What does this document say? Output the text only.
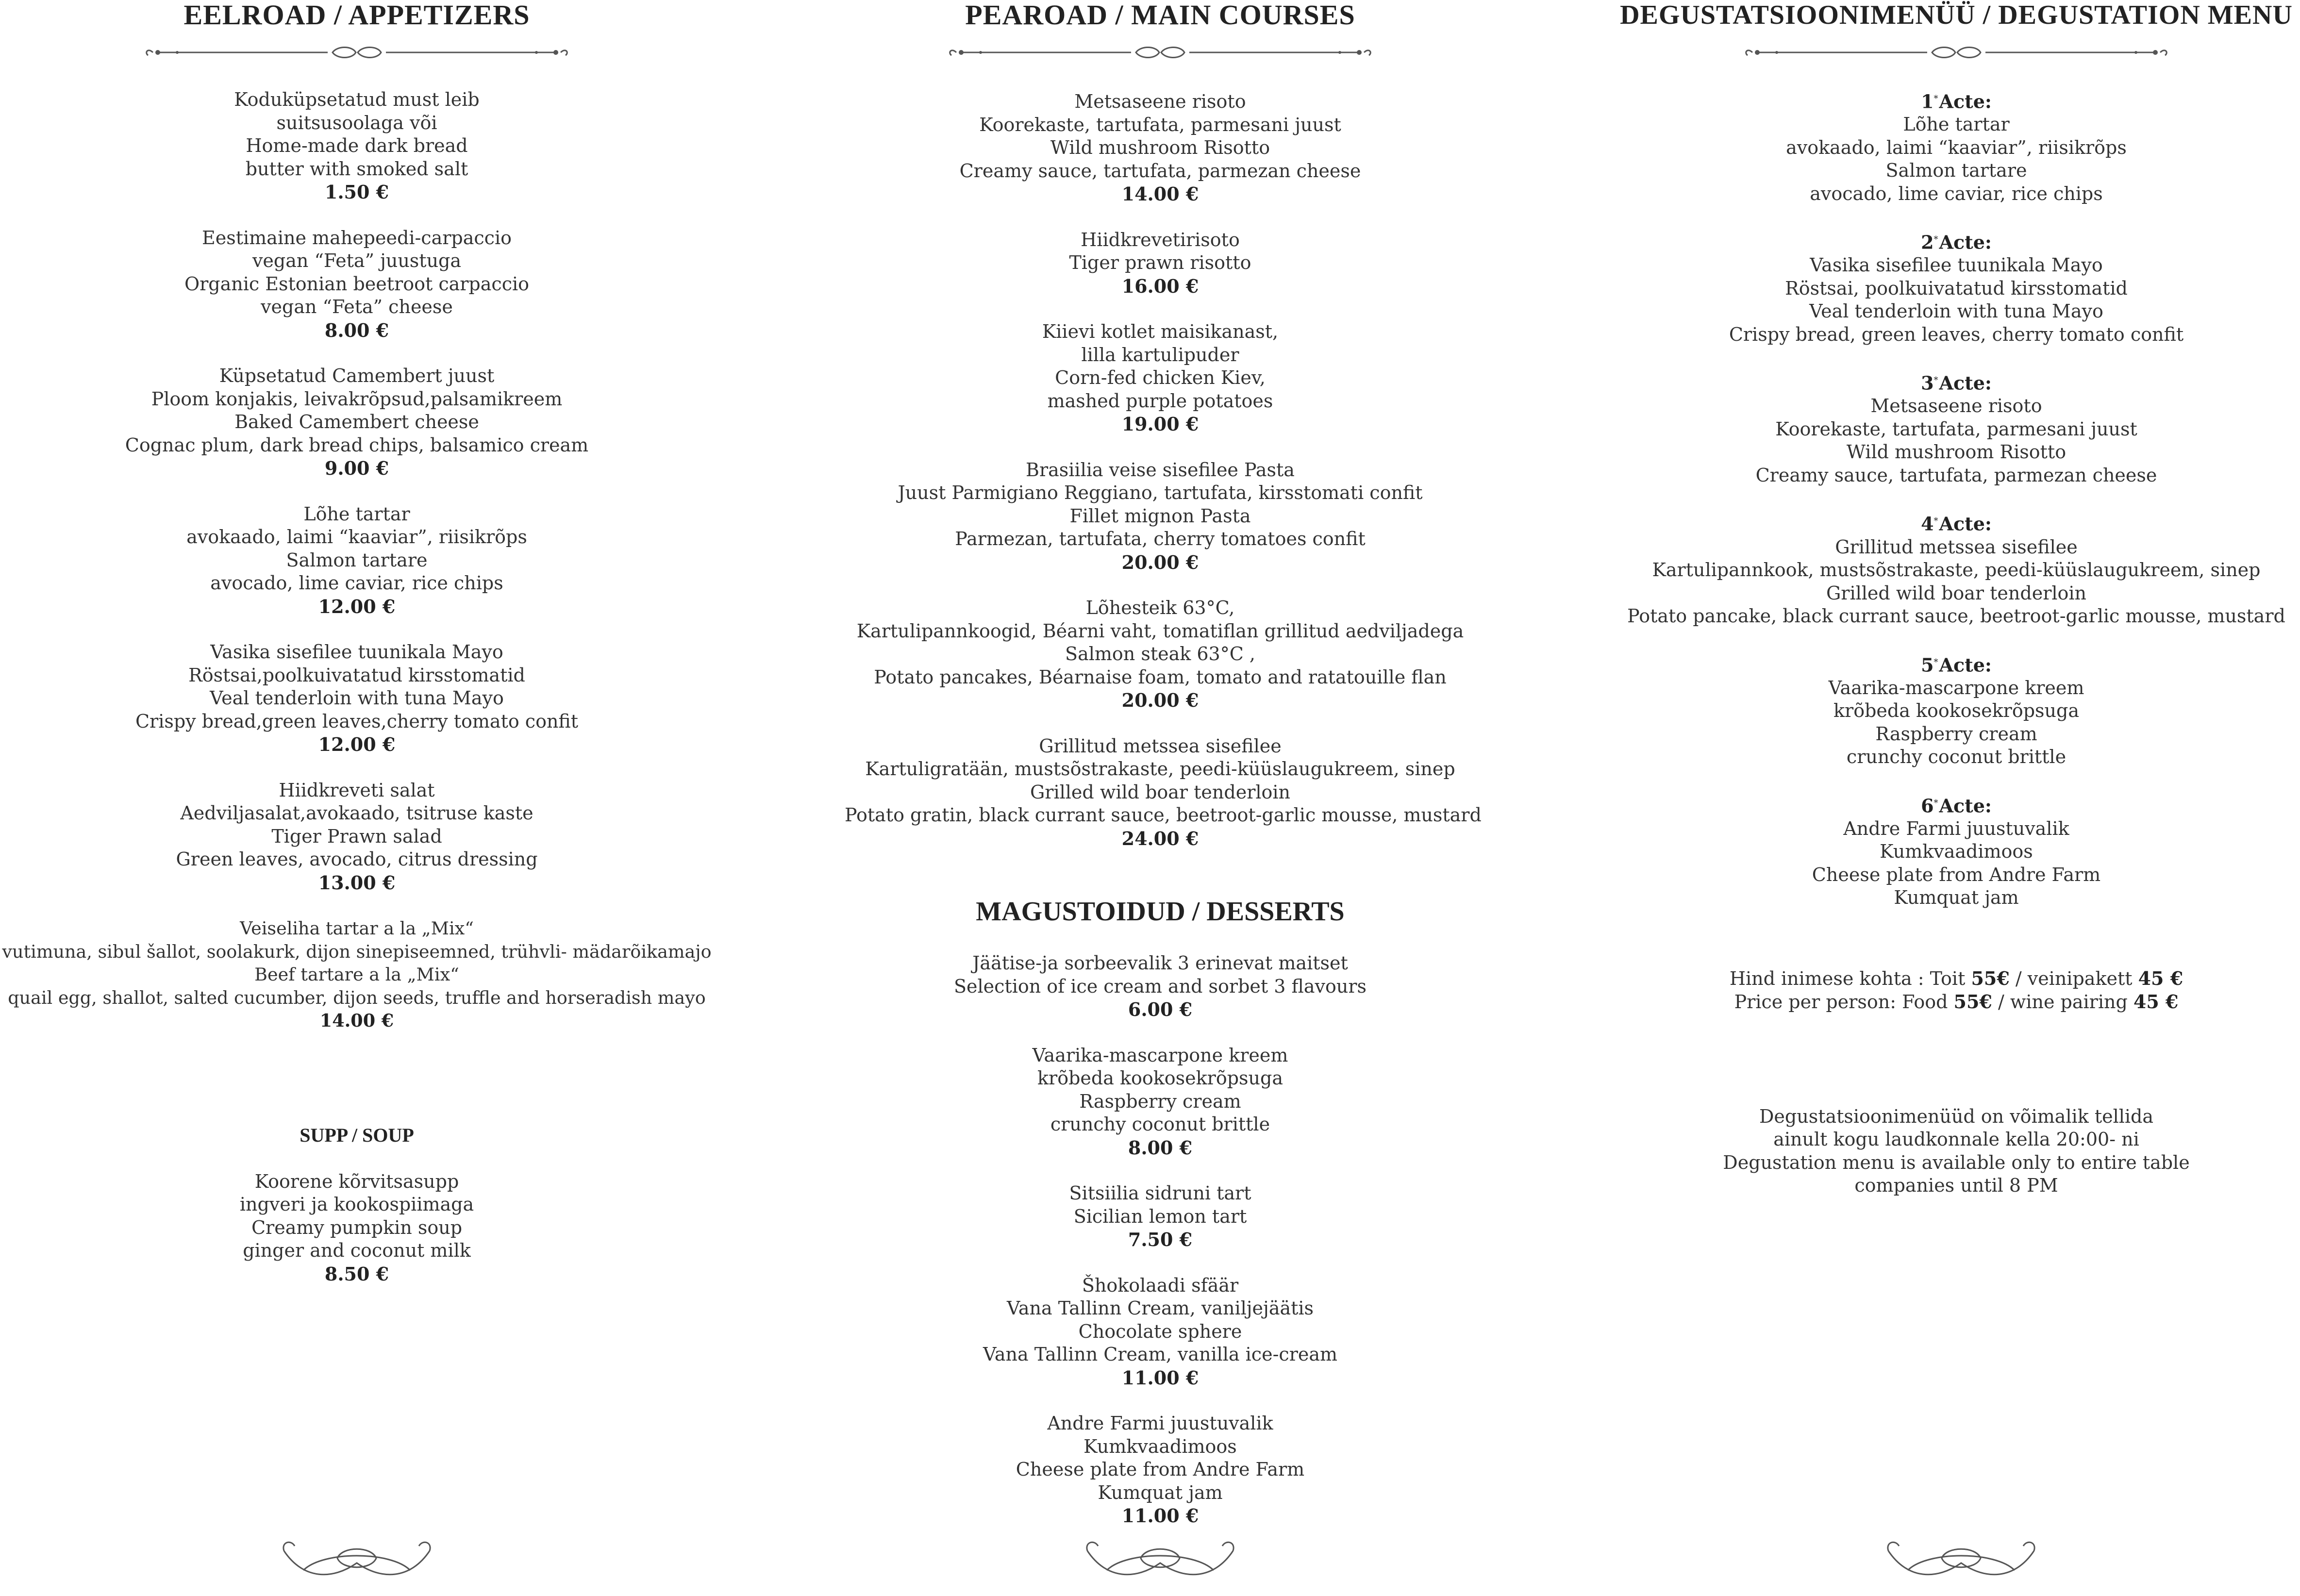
EELROAD / APPETIZERS
Koduküpsetatud must leib
suitsusoolaga või
Home-made dark bread
butter with smoked salt
1.50 €
Eestimaine mahepeedi-carpaccio
vegan “Feta” juustuga
Organic Estonian beetroot carpaccio
vegan “Feta” cheese
8.00 €
Küpsetatud Camembert juust
Ploom konjakis, leivakrõpsud,palsamikreem
Baked Camembert cheese
Cognac plum, dark bread chips, balsamico cream
9.00 €
Lõhe tartar
avokaado, laimi “kaaviar”, riisikrõps
Salmon tartare
avocado, lime caviar, rice chips
12.00 €
Vasika sisefilee tuunikala Mayo
Röstsai,poolkuivatatud kirsstomatid
Veal tenderloin with tuna Mayo
Crispy bread,green leaves,cherry tomato confit
12.00 €
Hiidkreveti salat
Aedviljasalat,avokaado, tsitruse kaste
Tiger Prawn salad
Green leaves, avocado, citrus dressing
13.00 €
Veiseliha tartar a la „Mix“
vutimuna, sibul šallot, soolakurk, dijon sinepiseemned, trühvli- mädarõikamajo
Beef tartare a la „Mix“
quail egg, shallot, salted cucumber, dijon seeds, truffle and horseradish mayo
14.00 €
SUPP / SOUP
Koorene kõrvitsasupp
ingveri ja kookospiimaga
Creamy pumpkin soup
ginger and coconut milk
8.50 €
PEAROAD / MAIN COURSES
Metsaseene risoto
Koorekaste, tartufata, parmesani juust
Wild mushroom Risotto
Creamy sauce, tartufata, parmezan cheese
14.00 €
Hiidkrevetirisoto
Tiger prawn risotto
16.00 €
Kiievi kotlet maisikanast,
lilla kartulipuder
Corn-fed chicken Kiev,
mashed purple potatoes
19.00 €
Brasiilia veise sisefilee Pasta
Juust Parmigiano Reggiano, tartufata, kirsstomati confit
Fillet mignon Pasta
Parmezan, tartufata, cherry tomatoes confit
20.00 €
Lõhesteik 63°C,
Kartulipannkoogid, Béarni vaht, tomatiflan grillitud aedviljadega
Salmon steak 63°C ,
Potato pancakes, Béarnaise foam, tomato and ratatouille flan
20.00 €
Grillitud metssea sisefilee
Kartuligratään, mustsõstrakaste, peedi-küüslaugukreem, sinep
Grilled wild boar tenderloin
Potato gratin, black currant sauce, beetroot-garlic mousse, mustard
24.00 €
MAGUSTOIDUD / DESSERTS
Jäätise-ja sorbeevalik 3 erinevat maitset
Selection of ice cream and sorbet 3 flavours
6.00 €
Vaarika-mascarpone kreem
krõbeda kookosekrõpsuga
Raspberry cream
crunchy coconut brittle
8.00 €
Sitsiilia sidruni tart
Sicilian lemon tart
7.50 €
Šhokolaadi sfäär
Vana Tallinn Cream, vaniljejäätis
Chocolate sphere
Vana Tallinn Cream, vanilla ice-cream
11.00 €
Andre Farmi juustuvalik
Kumkvaadimoos
Cheese plate from Andre Farm
Kumquat jam
11.00 €
DEGUSTATSIOONIMENÜÜ / DEGUSTATION MENU
1*Acte:
Lõhe tartar
avokaado, laimi “kaaviar”, riisikrõps
Salmon tartare
avocado, lime caviar, rice chips
2*Acte:
Vasika sisefilee tuunikala Mayo
Röstsai, poolkuivatatud kirsstomatid
Veal tenderloin with tuna Mayo
Crispy bread, green leaves, cherry tomato confit
3*Acte:
Metsaseene risoto
Koorekaste, tartufata, parmesani juust
Wild mushroom Risotto
Creamy sauce, tartufata, parmezan cheese
4*Acte:
Grillitud metssea sisefilee
Kartulipannkook, mustsõstrakaste, peedi-küüslaugukreem, sinep
Grilled wild boar tenderloin
Potato pancake, black currant sauce, beetroot-garlic mousse, mustard
5*Acte:
Vaarika-mascarpone kreem
krõbeda kookosekrõpsuga
Raspberry cream
crunchy coconut brittle
6*Acte:
Andre Farmi juustuvalik
Kumkvaadimoos
Cheese plate from Andre Farm
Kumquat jam
Hind inimese kohta : Toit 55€ / veinipakett 45 €
Price per person: Food 55€ / wine pairing 45 €
Degustatsioonimenüüd on võimalik tellida
ainult kogu laudkonnale kella 20:00- ni
Degustation menu is available only to entire table
companies until 8 PM
